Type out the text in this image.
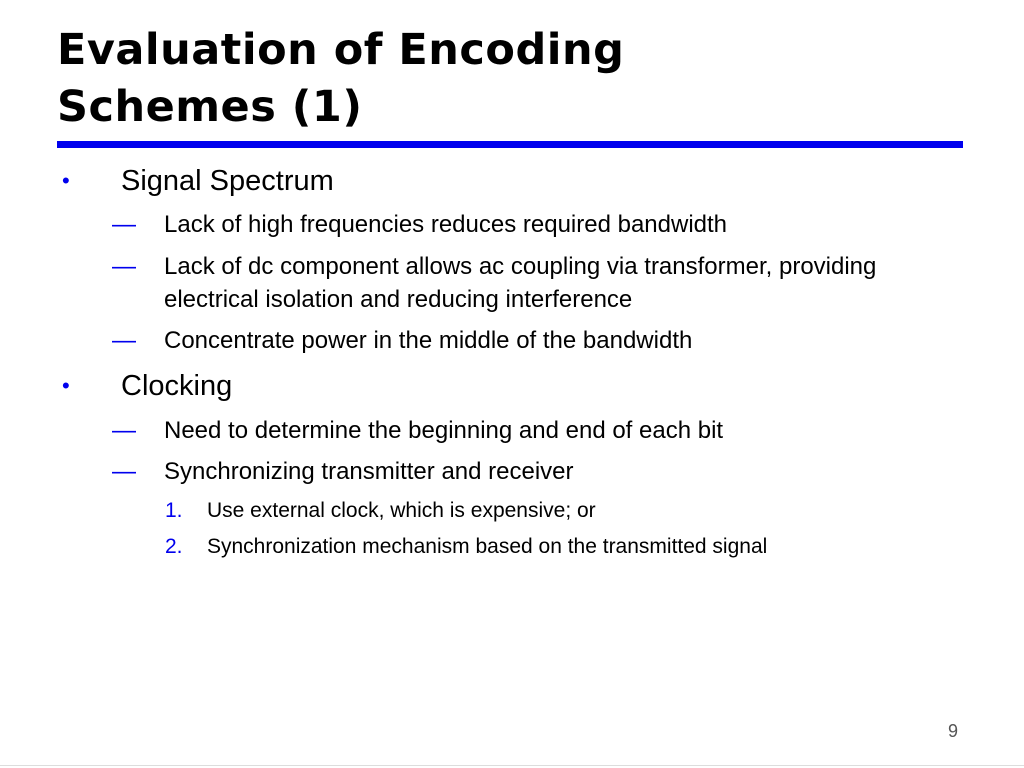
Evaluation of Encoding
Schemes (1)
• Signal Spectrum
— Lack of high frequencies reduces required bandwidth
— Lack of dc component allows ac coupling via transformer, providing electrical isolation and reducing interference
— Concentrate power in the middle of the bandwidth
• Clocking
— Need to determine the beginning and end of each bit
— Synchronizing transmitter and receiver
1. Use external clock, which is expensive; or
2. Synchronization mechanism based on the transmitted signal
9
